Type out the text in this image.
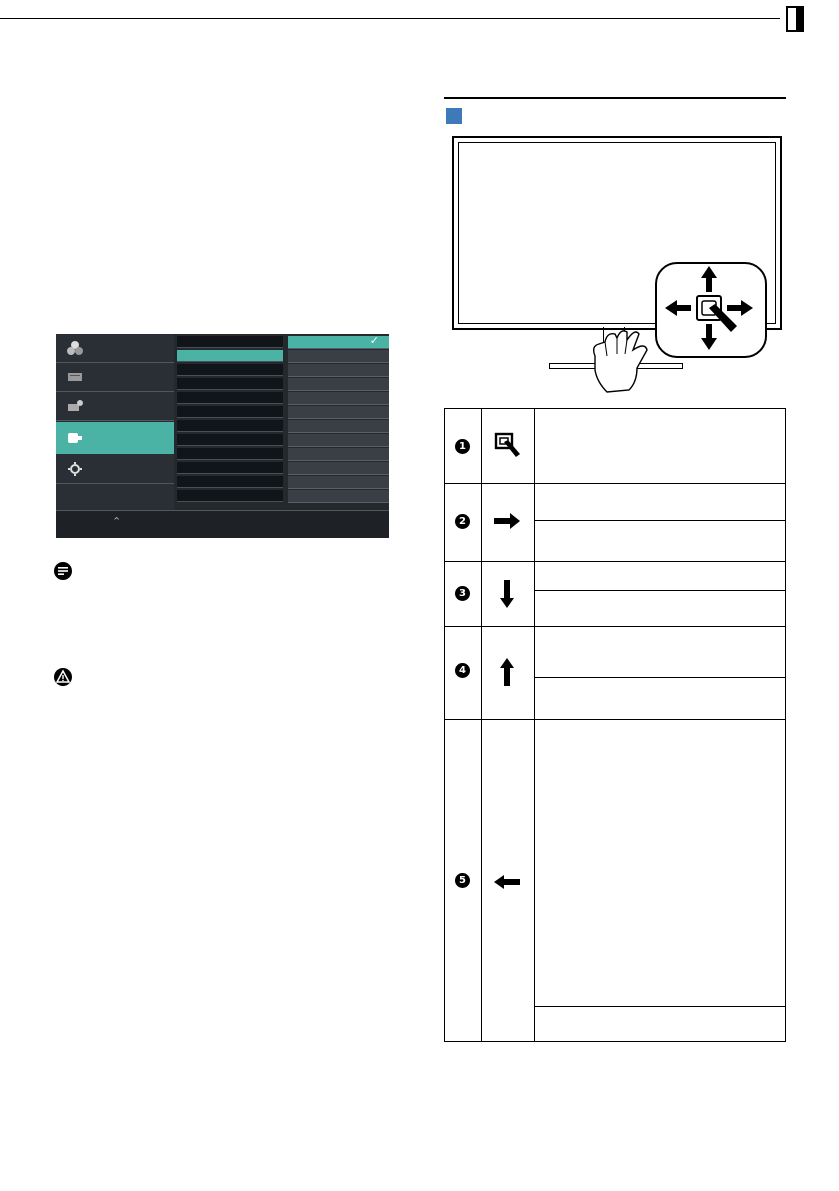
✓
⌃
1
2
3
4
5
